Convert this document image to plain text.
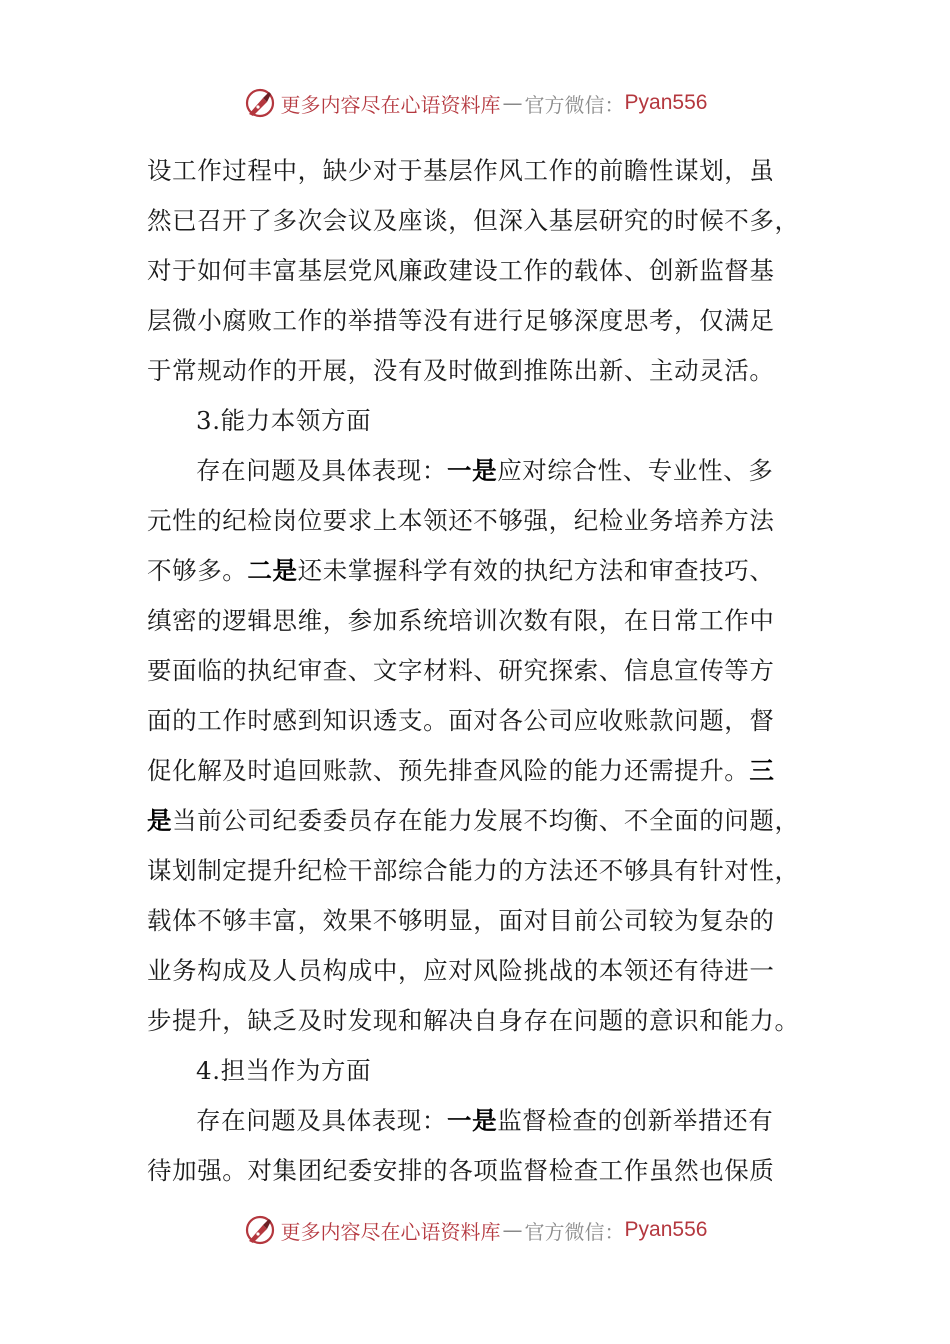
更多内容尽在心语资料库 — 官方微信： Pyan556
设工作过程中，缺少对于基层作风工作的前瞻性谋划，虽
然已召开了多次会议及座谈，但深入基层研究的时候不多，
对于如何丰富基层党风廉政建设工作的载体、创新监督基
层微小腐败工作的举措等没有进行足够深度思考，仅满足
于常规动作的开展，没有及时做到推陈出新、主动灵活。
3.能力本领方面
存在问题及具体表现：一是应对综合性、专业性、多
元性的纪检岗位要求上本领还不够强，纪检业务培养方法
不够多。二是还未掌握科学有效的执纪方法和审查技巧、
缜密的逻辑思维，参加系统培训次数有限，在日常工作中
要面临的执纪审查、文字材料、研究探索、信息宣传等方
面的工作时感到知识透支。面对各公司应收账款问题，督
促化解及时追回账款、预先排查风险的能力还需提升。三
是当前公司纪委委员存在能力发展不均衡、不全面的问题，
谋划制定提升纪检干部综合能力的方法还不够具有针对性，
载体不够丰富，效果不够明显，面对目前公司较为复杂的
业务构成及人员构成中，应对风险挑战的本领还有待进一
步提升，缺乏及时发现和解决自身存在问题的意识和能力。
4.担当作为方面
存在问题及具体表现：一是监督检查的创新举措还有
待加强。对集团纪委安排的各项监督检查工作虽然也保质
更多内容尽在心语资料库 — 官方微信： Pyan556
